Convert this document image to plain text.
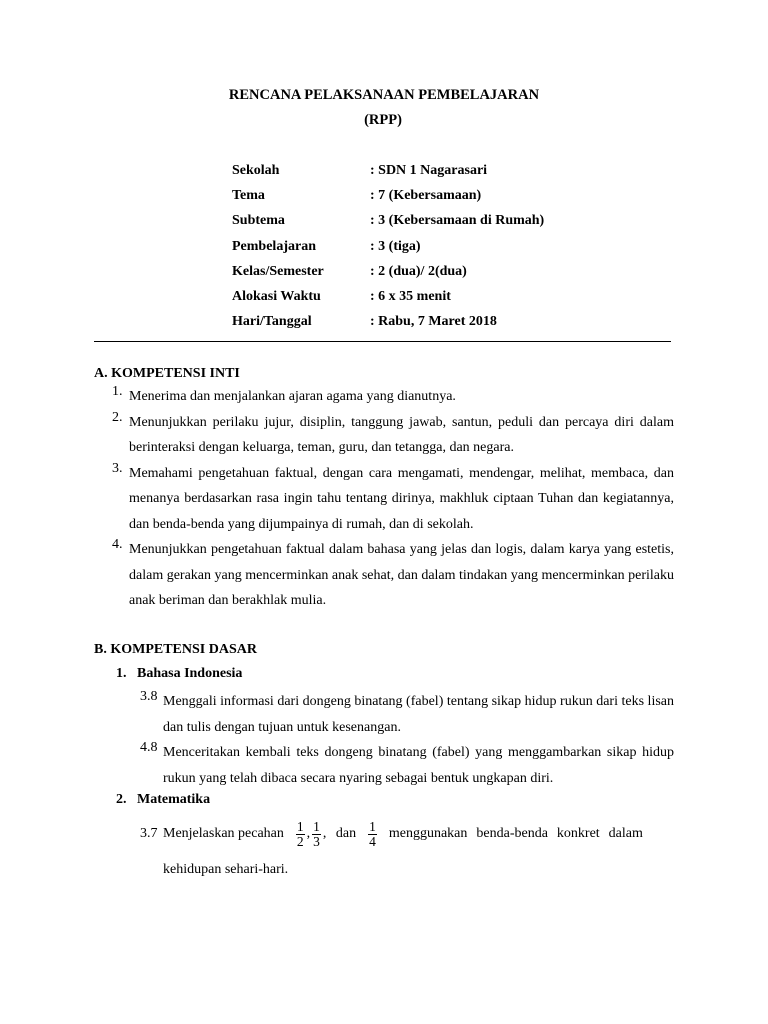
RENCANA PELAKSANAAN PEMBELAJARAN
(RPP)
Sekolah	: SDN 1 Nagarasari
Tema	: 7 (Kebersamaan)
Subtema	: 3 (Kebersamaan di Rumah)
Pembelajaran	: 3 (tiga)
Kelas/Semester	: 2 (dua)/ 2(dua)
Alokasi Waktu	: 6 x 35 menit
Hari/Tanggal	: Rabu, 7 Maret 2018
A. KOMPETENSI INTI
1. Menerima dan menjalankan ajaran agama yang dianutnya.
2. Menunjukkan perilaku jujur, disiplin, tanggung jawab, santun, peduli dan percaya diri dalam berinteraksi dengan keluarga, teman, guru, dan tetangga, dan negara.
3. Memahami pengetahuan faktual, dengan cara mengamati, mendengar, melihat, membaca, dan menanya berdasarkan rasa ingin tahu tentang dirinya, makhluk ciptaan Tuhan dan kegiatannya, dan benda-benda yang dijumpainya di rumah, dan di sekolah.
4. Menunjukkan pengetahuan faktual dalam bahasa yang jelas dan logis, dalam karya yang estetis, dalam gerakan yang mencerminkan anak sehat, dan dalam tindakan yang mencerminkan perilaku anak beriman dan berakhlak mulia.
B. KOMPETENSI DASAR
1.   Bahasa Indonesia
3.8 Menggali informasi dari dongeng binatang (fabel) tentang sikap hidup rukun dari teks lisan dan tulis dengan tujuan untuk kesenangan.
4.8 Menceritakan kembali teks dongeng binatang (fabel) yang menggambarkan sikap hidup rukun yang telah dibaca secara nyaring sebagai bentuk ungkapan diri.
2.   Matematika
3.7 Menjelaskan pecahan $\frac{1}{2}$ , $\frac{1}{3}$ , dan $\frac{1}{4}$ menggunakan benda-benda konkret dalam
kehidupan sehari-hari.
